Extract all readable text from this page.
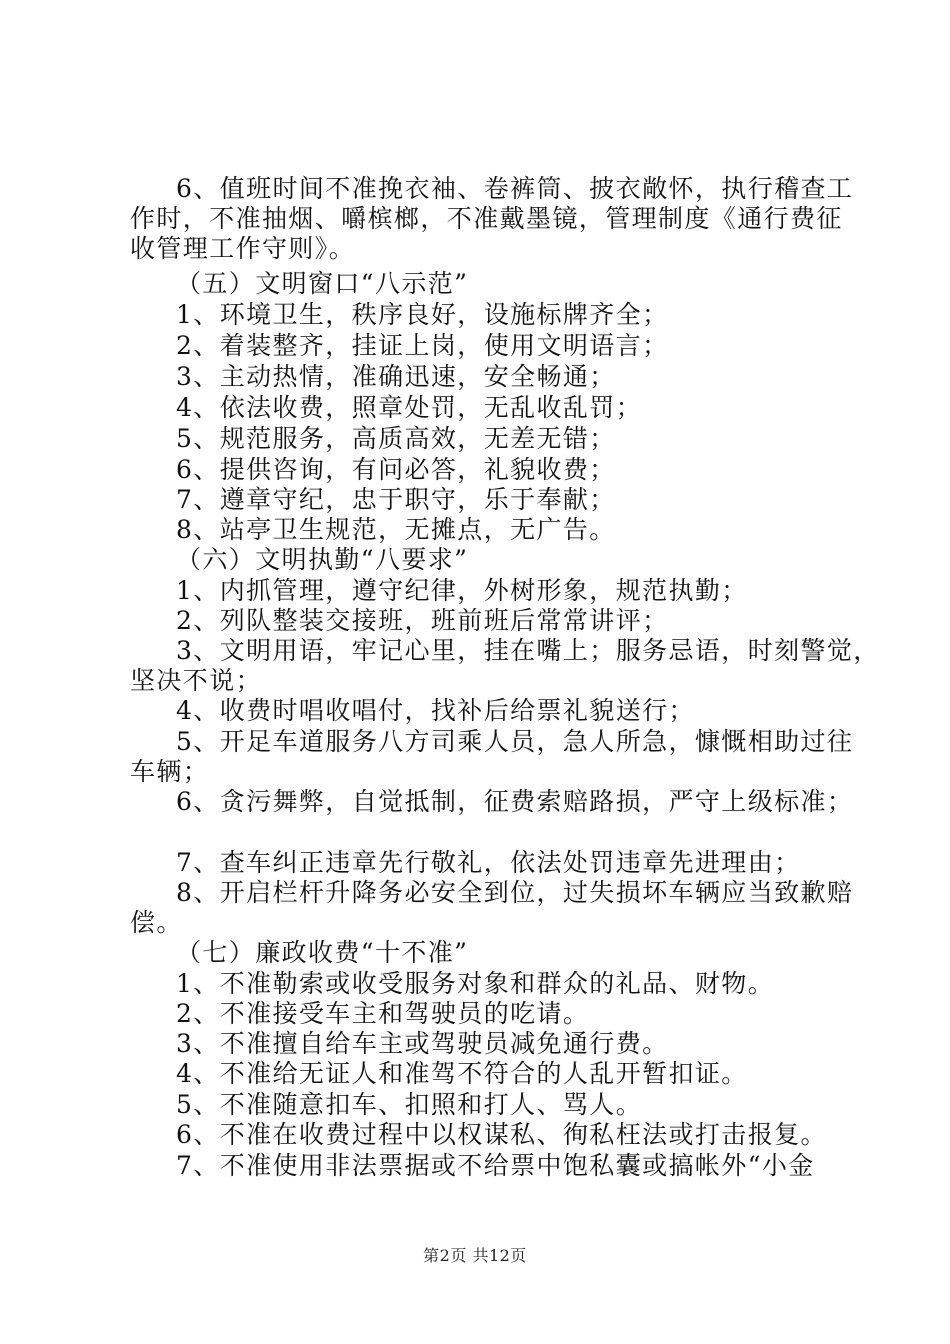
6、值班时间不准挽衣袖、卷裤筒、披衣敞怀，执行稽查工
作时，不准抽烟、嚼槟榔，不准戴墨镜，管理制度《通行费征
收管理工作守则》。
（五）文明窗口“八示范”
1、环境卫生，秩序良好，设施标牌齐全；
2、着装整齐，挂证上岗，使用文明语言；
3、主动热情，准确迅速，安全畅通；
4、依法收费，照章处罚，无乱收乱罚；
5、规范服务，高质高效，无差无错；
6、提供咨询，有问必答，礼貌收费；
7、遵章守纪，忠于职守，乐于奉献；
8、站亭卫生规范，无摊点，无广告。
（六）文明执勤“八要求”
1、内抓管理，遵守纪律，外树形象，规范执勤；
2、列队整装交接班，班前班后常常讲评；
3、文明用语，牢记心里，挂在嘴上；服务忌语，时刻警觉，
坚决不说；
4、收费时唱收唱付，找补后给票礼貌送行；
5、开足车道服务八方司乘人员，急人所急，慷慨相助过往
车辆；
6、贪污舞弊，自觉抵制，征费索赔路损，严守上级标准；
7、查车纠正违章先行敬礼，依法处罚违章先进理由；
8、开启栏杆升降务必安全到位，过失损坏车辆应当致歉赔
偿。
（七）廉政收费“十不准”
1、不准勒索或收受服务对象和群众的礼品、财物。
2、不准接受车主和驾驶员的吃请。
3、不准擅自给车主或驾驶员减免通行费。
4、不准给无证人和准驾不符合的人乱开暂扣证。
5、不准随意扣车、扣照和打人、骂人。
6、不准在收费过程中以权谋私、徇私枉法或打击报复。
7、不准使用非法票据或不给票中饱私囊或搞帐外“小金
第2页 共12页
